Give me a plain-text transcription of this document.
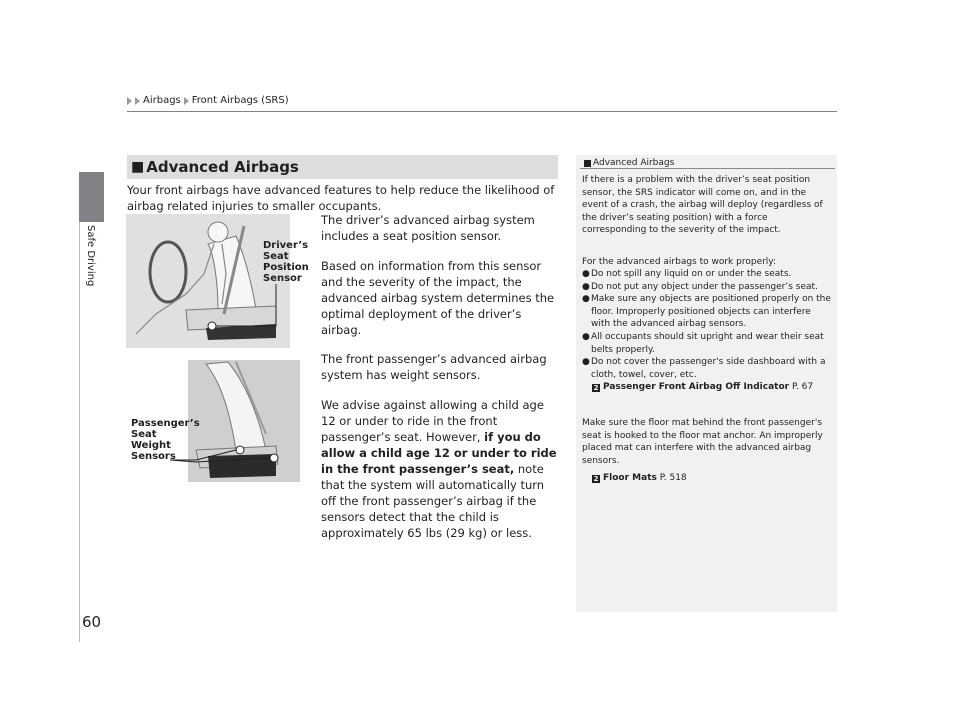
Safe Driving
60
Airbags Front Airbags (SRS)
■ Advanced Airbags

Your front airbags have advanced features to help reduce the likelihood of airbag related injuries to smaller occupants.

The driver’s advanced airbag system includes a seat position sensor.

Based on information from this sensor and the severity of the impact, the advanced airbag system determines the optimal deployment of the driver’s airbag.

The front passenger’s advanced airbag system has weight sensors.

We advise against allowing a child age 12 or under to ride in the front passenger’s seat. However, if you do allow a child age 12 or under to ride in the front passenger’s seat, note that the system will automatically turn off the front passenger’s airbag if the sensors detect that the child is approximately 65 lbs (29 kg) or less.

Driver’s
Seat
Position
Sensor
Passenger’s
Seat
Weight
Sensors
Advanced Airbags

If there is a problem with the driver’s seat position sensor, the SRS indicator will come on, and in the event of a crash, the airbag will deploy (regardless of the driver’s seating position) with a force corresponding to the severity of the impact.

For the advanced airbags to work properly:

● Do not spill any liquid on or under the seats.
● Do not put any object under the passenger’s seat.
● Make sure any objects are positioned properly on the floor. Improperly positioned objects can interfere with the advanced airbag sensors.
● All occupants should sit upright and wear their seat belts properly.
● Do not cover the passenger's side dashboard with a cloth, towel, cover, etc.
2 Passenger Front Airbag Off Indicator P. 67

Make sure the floor mat behind the front passenger's seat is hooked to the floor mat anchor. An improperly placed mat can interfere with the advanced airbag sensors.

2 Floor Mats P. 518
